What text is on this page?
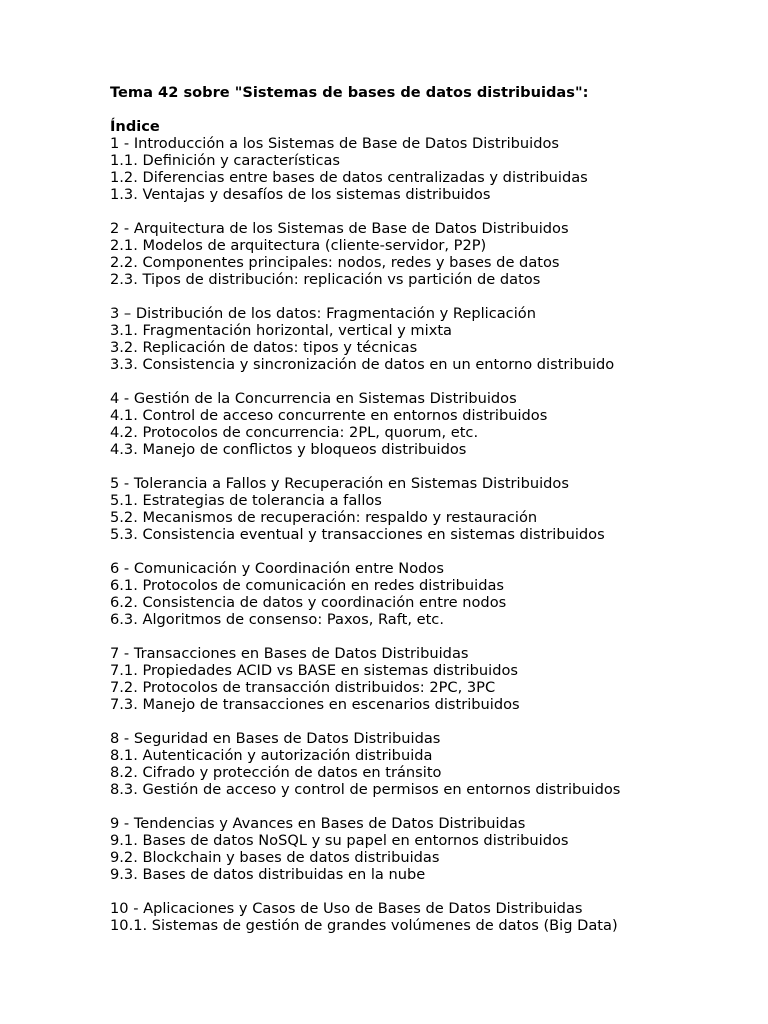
Tema 42 sobre "Sistemas de bases de datos distribuidas":
Índice
1 - Introducción a los Sistemas de Base de Datos Distribuidos
1.1. Definición y características
1.2. Diferencias entre bases de datos centralizadas y distribuidas
1.3. Ventajas y desafíos de los sistemas distribuidos
2 - Arquitectura de los Sistemas de Base de Datos Distribuidos
2.1. Modelos de arquitectura (cliente-servidor, P2P)
2.2. Componentes principales: nodos, redes y bases de datos
2.3. Tipos de distribución: replicación vs partición de datos
3 – Distribución de los datos: Fragmentación y Replicación
3.1. Fragmentación horizontal, vertical y mixta
3.2. Replicación de datos: tipos y técnicas
3.3. Consistencia y sincronización de datos en un entorno distribuido
4 - Gestión de la Concurrencia en Sistemas Distribuidos
4.1. Control de acceso concurrente en entornos distribuidos
4.2. Protocolos de concurrencia: 2PL, quorum, etc.
4.3. Manejo de conflictos y bloqueos distribuidos
5 - Tolerancia a Fallos y Recuperación en Sistemas Distribuidos
5.1. Estrategias de tolerancia a fallos
5.2. Mecanismos de recuperación: respaldo y restauración
5.3. Consistencia eventual y transacciones en sistemas distribuidos
6 - Comunicación y Coordinación entre Nodos
6.1. Protocolos de comunicación en redes distribuidas
6.2. Consistencia de datos y coordinación entre nodos
6.3. Algoritmos de consenso: Paxos, Raft, etc.
7 - Transacciones en Bases de Datos Distribuidas
7.1. Propiedades ACID vs BASE en sistemas distribuidos
7.2. Protocolos de transacción distribuidos: 2PC, 3PC
7.3. Manejo de transacciones en escenarios distribuidos
8 - Seguridad en Bases de Datos Distribuidas
8.1. Autenticación y autorización distribuida
8.2. Cifrado y protección de datos en tránsito
8.3. Gestión de acceso y control de permisos en entornos distribuidos
9 - Tendencias y Avances en Bases de Datos Distribuidas
9.1. Bases de datos NoSQL y su papel en entornos distribuidos
9.2. Blockchain y bases de datos distribuidas
9.3. Bases de datos distribuidas en la nube
10 - Aplicaciones y Casos de Uso de Bases de Datos Distribuidas
10.1. Sistemas de gestión de grandes volúmenes de datos (Big Data)
